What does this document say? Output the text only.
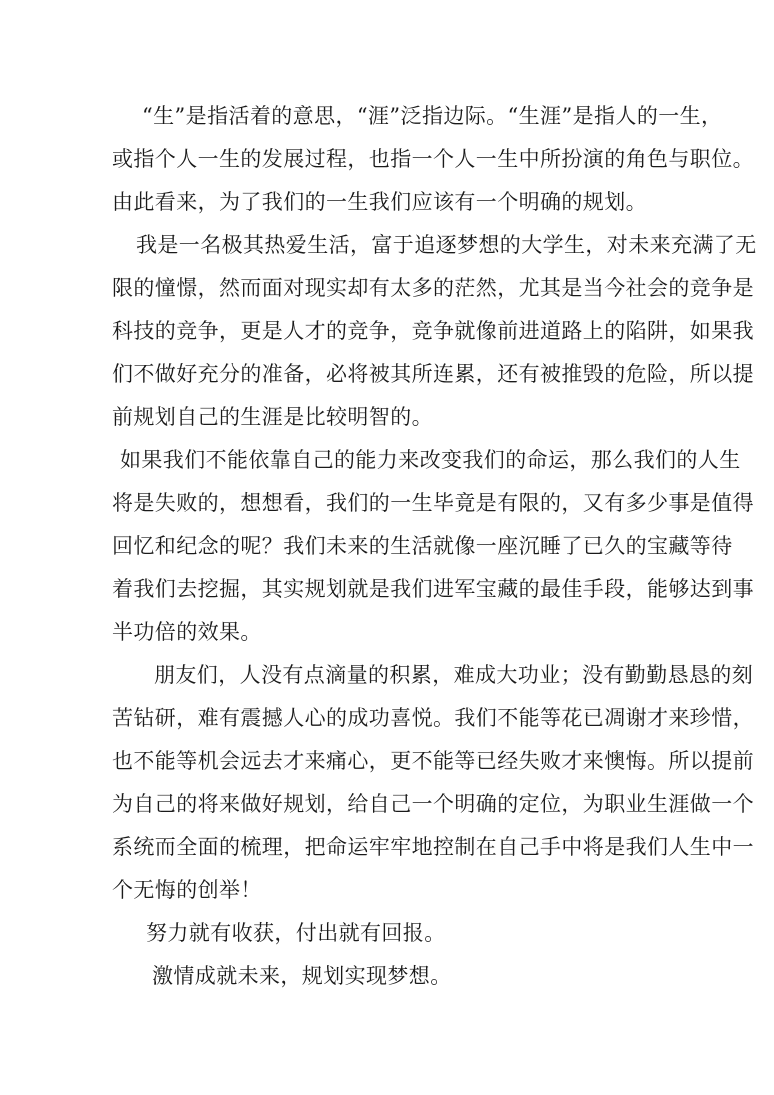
“生”是指活着的意思，“涯”泛指边际。“生涯”是指人的一生，
或指个人一生的发展过程，也指一个人一生中所扮演的角色与职位。
由此看来，为了我们的一生我们应该有一个明确的规划。
我是一名极其热爱生活，富于追逐梦想的大学生，对未来充满了无
限的憧憬，然而面对现实却有太多的茫然，尤其是当今社会的竞争是
科技的竞争，更是人才的竞争，竞争就像前进道路上的陷阱，如果我
们不做好充分的准备，必将被其所连累，还有被推毁的危险，所以提
前规划自己的生涯是比较明智的。
如果我们不能依靠自己的能力来改变我们的命运，那么我们的人生
将是失败的，想想看，我们的一生毕竟是有限的，又有多少事是值得
回忆和纪念的呢？我们未来的生活就像一座沉睡了已久的宝藏等待
着我们去挖掘，其实规划就是我们进军宝藏的最佳手段，能够达到事
半功倍的效果。
朋友们，人没有点滴量的积累，难成大功业；没有勤勤恳恳的刻
苦钻研，难有震撼人心的成功喜悦。我们不能等花已凋谢才来珍惜，
也不能等机会远去才来痛心，更不能等已经失败才来懊悔。所以提前
为自己的将来做好规划，给自己一个明确的定位，为职业生涯做一个
系统而全面的梳理，把命运牢牢地控制在自己手中将是我们人生中一
个无悔的创举！
努力就有收获，付出就有回报。
激情成就未来，规划实现梦想。
